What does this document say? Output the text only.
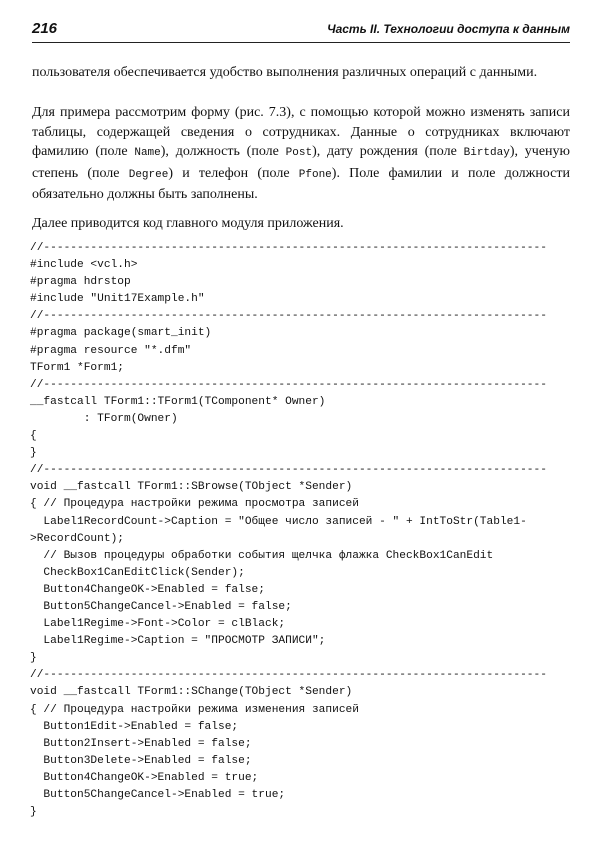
216	Часть II. Технологии доступа к данным
пользователя обеспечивается удобство выполнения различных операций с данными.
Для примера рассмотрим форму (рис. 7.3), с помощью которой можно изменять записи таблицы, содержащей сведения о сотрудниках. Данные о сотрудниках включают фамилию (поле Name), должность (поле Post), дату рождения (поле Birtday), ученую степень (поле Degree) и телефон (поле Pfone). Поле фамилии и поле должности обязательно должны быть заполнены.
Далее приводится код главного модуля приложения.
//---------------------------------------------------------------------------
#include <vcl.h>
#pragma hdrstop
#include "Unit17Example.h"
//---------------------------------------------------------------------------
#pragma package(smart_init)
#pragma resource "*.dfm"
TForm1 *Form1;
//---------------------------------------------------------------------------
__fastcall TForm1::TForm1(TComponent* Owner)
: TForm(Owner)
{
}
//---------------------------------------------------------------------------
void __fastcall TForm1::SBrowse(TObject *Sender)
{ // Процедура настройки режима просмотра записей
Label1RecordCount->Caption = "Общее число записей - " + IntToStr(Table1-
>RecordCount);
// Вызов процедуры обработки события щелчка флажка CheckBox1CanEdit
CheckBox1CanEditClick(Sender);
Button4ChangeOK->Enabled = false;
Button5ChangeCancel->Enabled = false;
Label1Regime->Font->Color = clBlack;
Label1Regime->Caption = "ПРОСМОТР ЗАПИСИ";
}
//---------------------------------------------------------------------------
void __fastcall TForm1::SChange(TObject *Sender)
{ // Процедура настройки режима изменения записей
Button1Edit->Enabled = false;
Button2Insert->Enabled = false;
Button3Delete->Enabled = false;
Button4ChangeOK->Enabled = true;
Button5ChangeCancel->Enabled = true;
}
